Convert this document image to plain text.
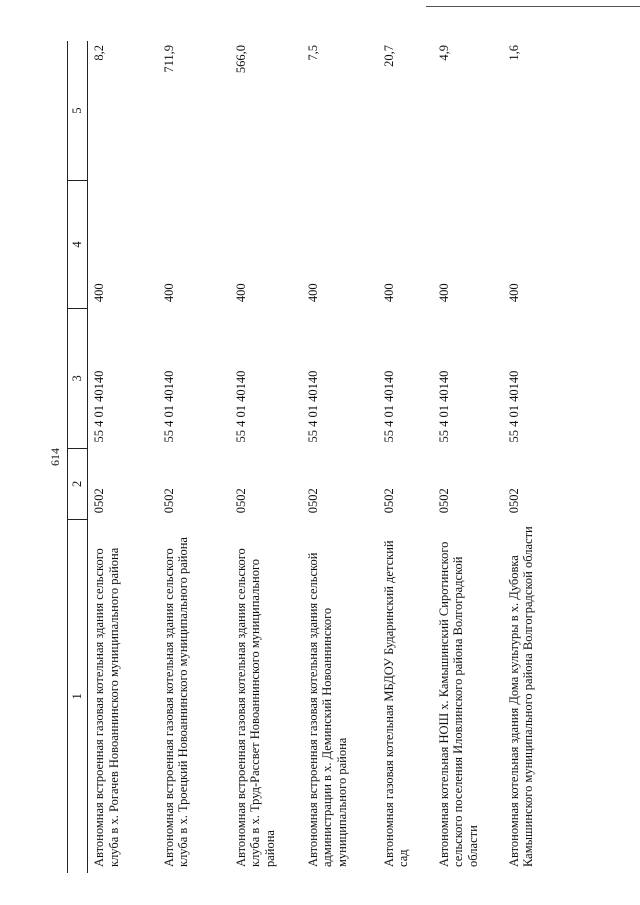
614
1	2	3	4	5
Автономная встроенная газовая котельная здания сельского клуба в х. Рогачев Новоаннинского муниципального района	0502	55 4 01 40140	400	8,2
Автономная встроенная газовая котельная здания сельского клуба в х. Троецкий Новоаннинского муниципального района	0502	55 4 01 40140	400	711,9
Автономная встроенная газовая котельная здания сельского клуба в х. Труд-Рассвет Новоаннинского муниципального района	0502	55 4 01 40140	400	566,0
Автономная встроенная газовая котельная здания сельской администрации в х. Деминский Новоаннинского муниципального района	0502	55 4 01 40140	400	7,5
Автономная газовая котельная МБДОУ Бударинский детский сад	0502	55 4 01 40140	400	20,7
Автономная котельная НОШ х. Камышинский Сиротинского сельского поселения Иловлинского района Волгоградской области	0502	55 4 01 40140	400	4,9
Автономная котельная здания Дома культуры в х. Дубовка Камышинского муниципального района Волгоградской области	0502	55 4 01 40140	400	1,6
